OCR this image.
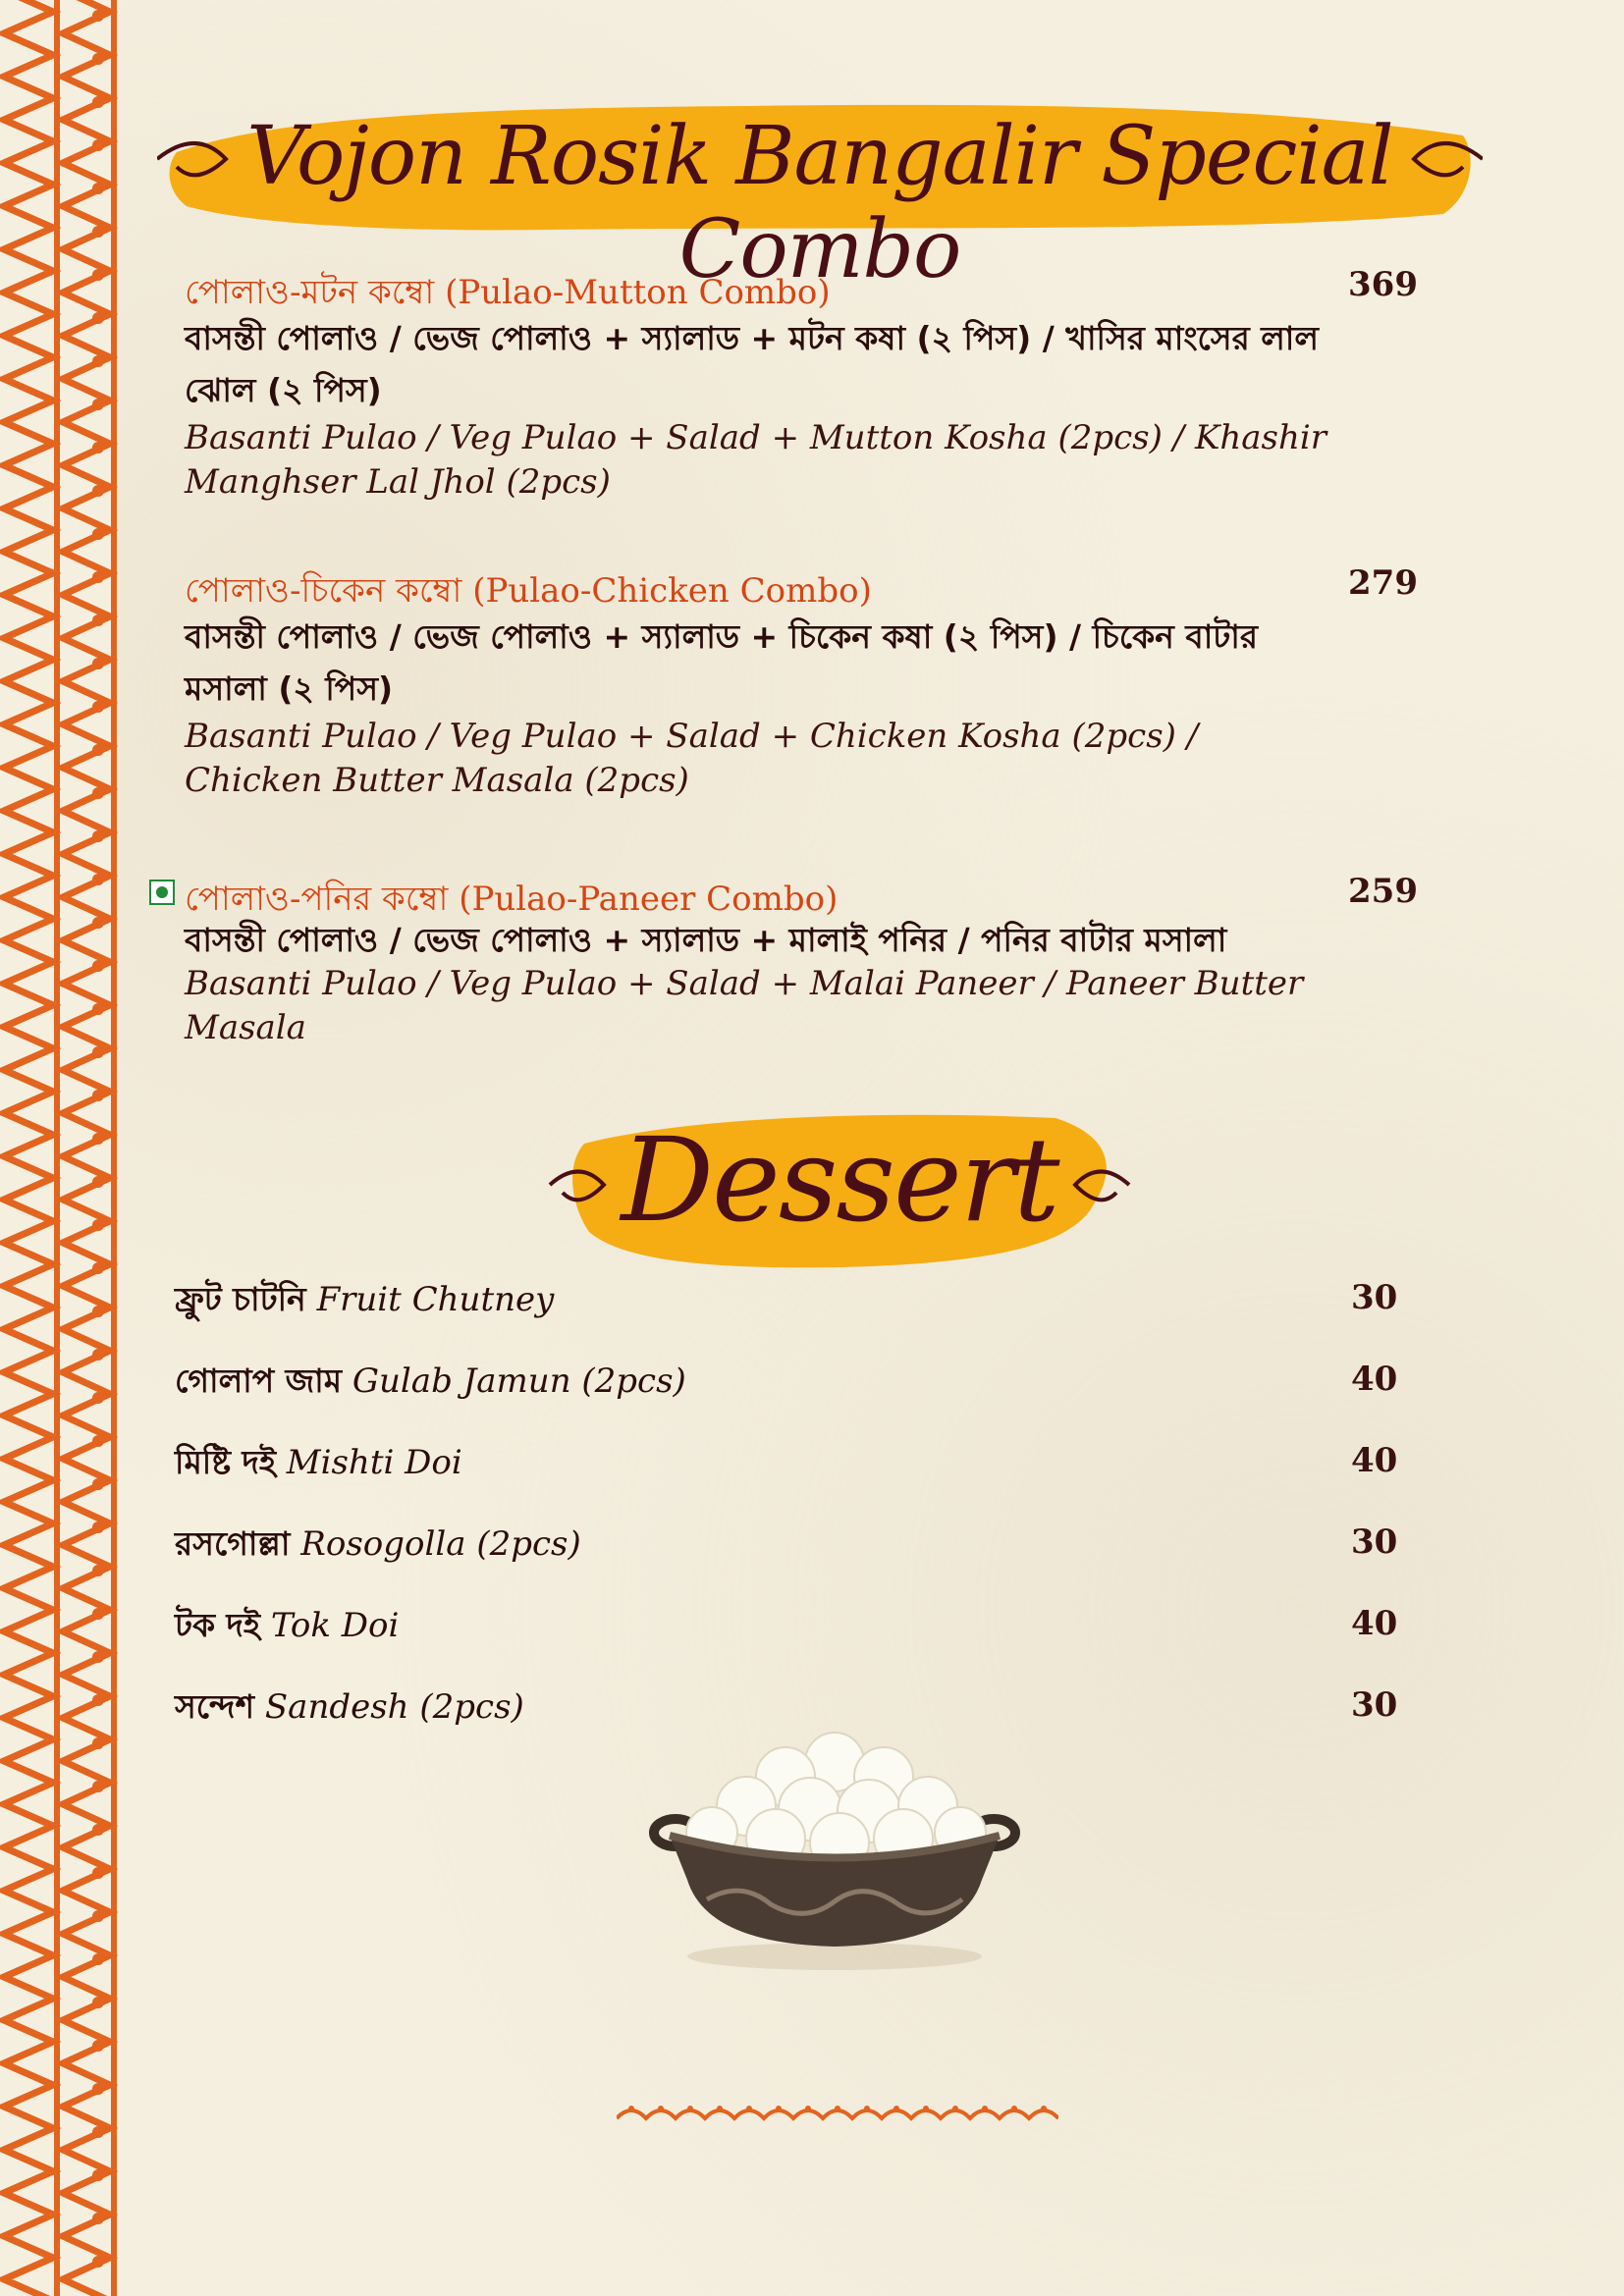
Vojon Rosik Bangalir Special Combo
পোলাও-মটন কম্বো (Pulao-Mutton Combo)	369
বাসন্তী পোলাও / ভেজ পোলাও + স্যালাড + মটন কষা (২ পিস) / খাসির মাংসের লাল ঝোল (২ পিস)
Basanti Pulao / Veg Pulao + Salad + Mutton Kosha (2pcs) / Khashir Manghser Lal Jhol (2pcs)
পোলাও-চিকেন কম্বো (Pulao-Chicken Combo)	279
বাসন্তী পোলাও / ভেজ পোলাও + স্যালাড + চিকেন কষা (২ পিস) / চিকেন বাটার মসালা (২ পিস)
Basanti Pulao / Veg Pulao + Salad + Chicken Kosha (2pcs) / Chicken Butter Masala (2pcs)
পোলাও-পনির কম্বো (Pulao-Paneer Combo)	259
বাসন্তী পোলাও / ভেজ পোলাও + স্যালাড + মালাই পনির / পনির বাটার মসালা
Basanti Pulao / Veg Pulao + Salad + Malai Paneer / Paneer Butter Masala
Dessert
ফ্রুট চাটনি Fruit Chutney	30
গোলাপ জাম Gulab Jamun (2pcs)	40
মিষ্টি দই Mishti Doi	40
রসগোল্লা Rosogolla (2pcs)	30
টক দই Tok Doi	40
সন্দেশ Sandesh (2pcs)	30
